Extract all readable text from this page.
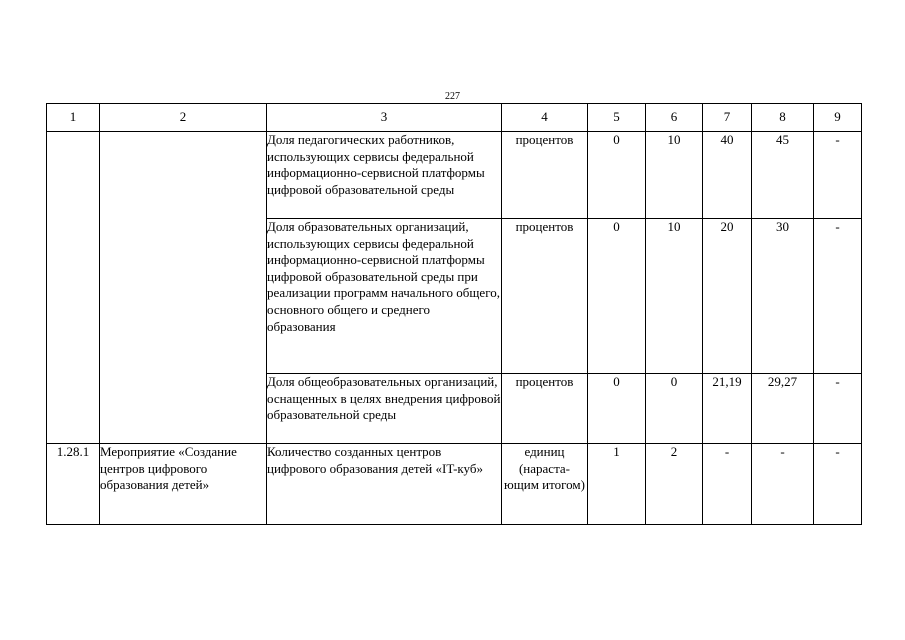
227
1	2	3	4	5	6	7	8	9
		Доля педагогических работников, использующих сервисы федеральной информационно-сервисной платформы цифровой образовательной среды	процентов	0	10	40	45	-
		Доля образовательных организаций, использующих сервисы федеральной информационно-сервисной платформы цифровой образовательной среды при реализации программ начального общего, основного общего и среднего образования	процентов	0	10	20	30	-
		Доля общеобразовательных организаций, оснащенных в целях внедрения цифровой образовательной среды	процентов	0	0	21,19	29,27	-
1.28.1	Мероприятие «Создание центров цифрового образования детей»	Количество созданных центров цифрового образования детей «IT-куб»	единиц (нараста-ющим итогом)	1	2	-	-	-
